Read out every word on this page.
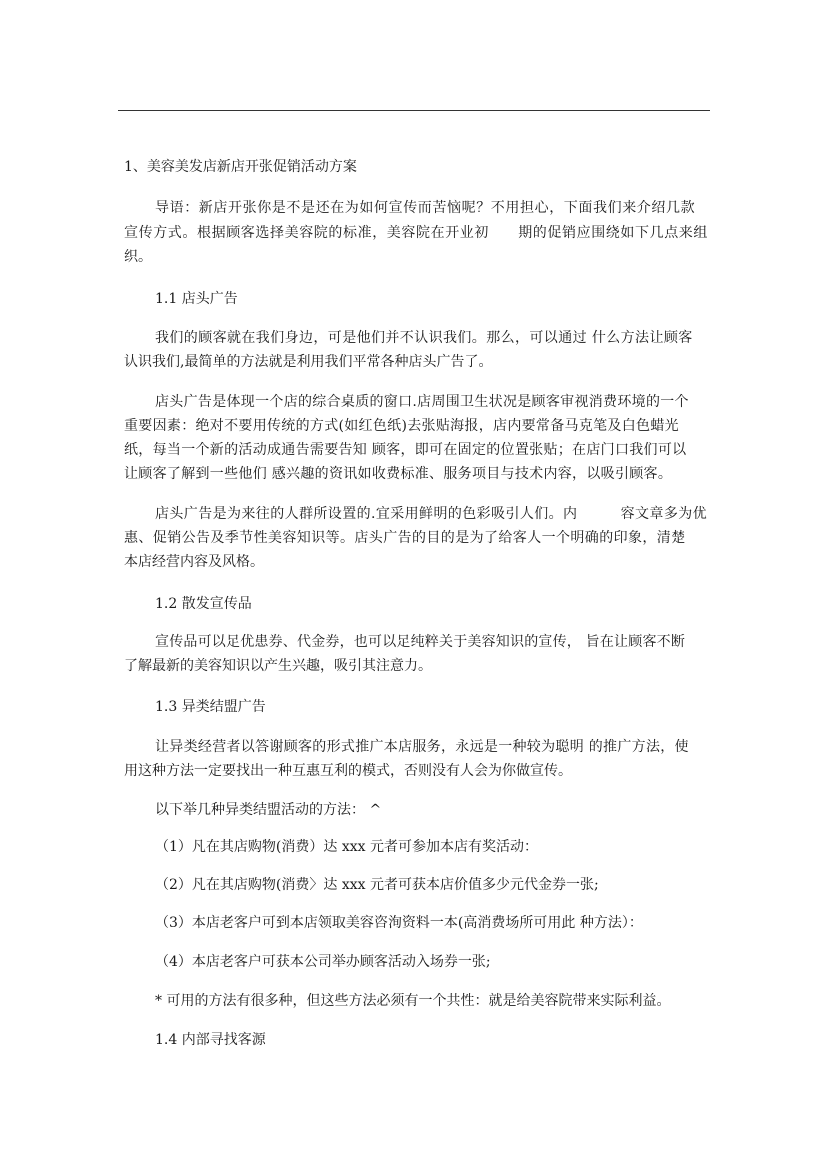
1、美容美发店新店开张促销活动方案
导语：新店开张你是不是还在为如何宣传而苦恼呢？不用担心，下面我们来介绍几款
宣传方式。根据顾客选择美容院的标准，美容院在开业初　　期的促销应围绕如下几点来组
织。
1.1 店头广告
我们的顾客就在我们身边，可是他们并不认识我们。那么，可以通过 什么方法让顾客
认识我们,最简单的方法就是利用我们平常各种店头广告了。
店头广告是体现一个店的综合桌质的窗口.店周围卫生状况是顾客审视消费环境的一个
重要因素：绝对不要用传统的方式(如红色纸)去张贴海报，店内要常备马克笔及白色蜡光
纸，每当一个新的活动成通告需要告知 顾客，即可在固定的位置张贴；在店门口我们可以
让顾客了解到一些他们 感兴趣的资讯如收费标准、服务项目与技术内容，以吸引顾客。
店头广告是为来往的人群所设置的.宜采用鲜明的色彩吸引人们。内　　　容文章多为优
惠、促销公告及季节性美容知识等。店头广告的目的是为了给客人一个明确的印象，清楚
本店经营内容及风格。
1.2 散发宣传品
宣传品可以足优患券、代金券，也可以足纯粹关于美容知识的宣传， 旨在让顾客不断
了解最新的美容知识以产生兴趣，吸引其注意力。
1.3 异类结盟广告
让异类经营者以答谢顾客的形式推广本店服务，永远是一种较为聪明 的推广方法，使
用这种方法一定要找出一种互惠互利的模式，否则没有人会为你做宣传。
以下举几种异类结盟活动的方法： ^
（1）凡在其店购物(消费）达 xxx 元者可参加本店有奖活动：
（2）凡在其店购物(消费〉达 xxx 元者可获本店价值多少元代金券一张;
（3）本店老客户可到本店领取美容咨洵资料一本(高消费场所可用此 种方法）：
（4）本店老客户可获本公司举办顾客活动入场券一张;
* 可用的方法有很多种，但这些方法必须有一个共性：就是给美容院带来实际利益。
1.4 内部寻找客源
